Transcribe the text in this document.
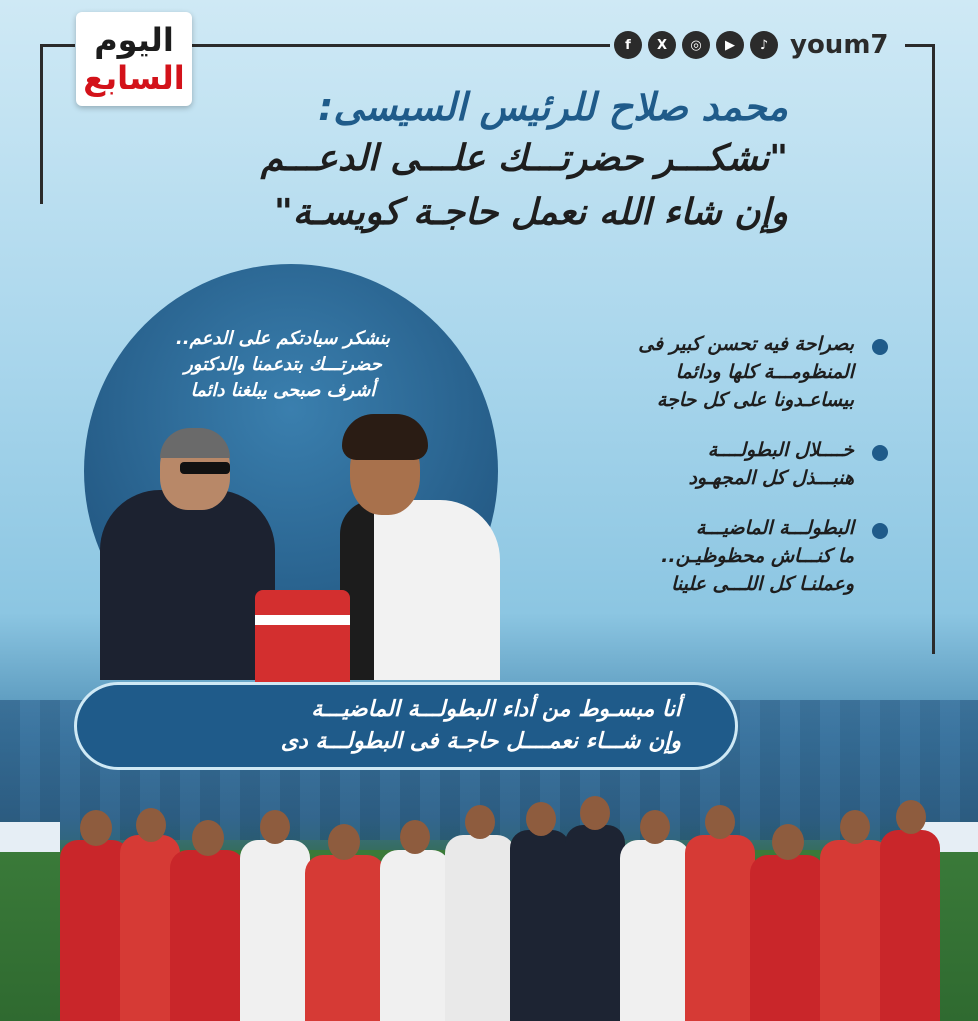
اليوم
السابع
f	X	◎	▶	♪ youm7
محمد صلاح للرئيس السيسى:
"نشكـــر حضرتـــك علـــى الدعـــم
وإن شاء الله نعمل حاجـة كويسـة"
بنشكر سيادتكم على الدعم..
حضرتـــك بتدعمنا والدكتور
أشرف صبحى يبلغنا دائما
بصراحة فيه تحسن كبير فى
المنظومـــة كلها ودائما
بيساعـدونا على كل حاجة
خــــلال البطولــــة
هنبـــذل كل المجهـود
البطولـــة الماضيـــة
ما كنـــاش محظوظيـن..
وعملنـا كل اللـــى علينا
أنا مبسـوط من أداء البطولـــة الماضيـــة
وإن شـــاء نعمــــل حاجـة فى البطولـــة دى
